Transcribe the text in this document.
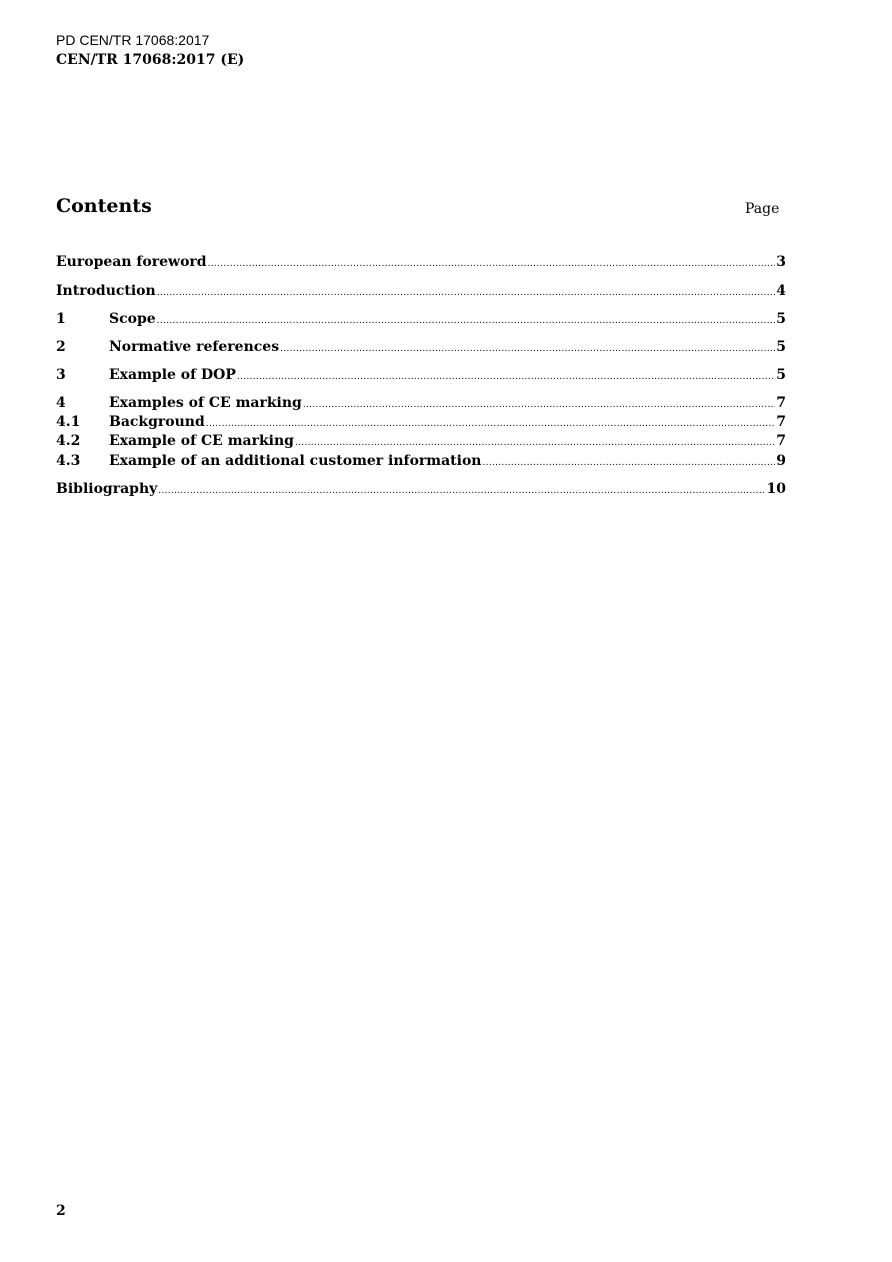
PD CEN/TR 17068:2017
CEN/TR 17068:2017 (E)
Contents	Page
European foreword .....	3
Introduction .....	4
1	Scope .....	5
2	Normative references .....	5
3	Example of DOP .....	5
4	Examples of CE marking .....	7
4.1	Background .....	7
4.2	Example of CE marking .....	7
4.3	Example of an additional customer information .....	9
Bibliography .....	10
2
